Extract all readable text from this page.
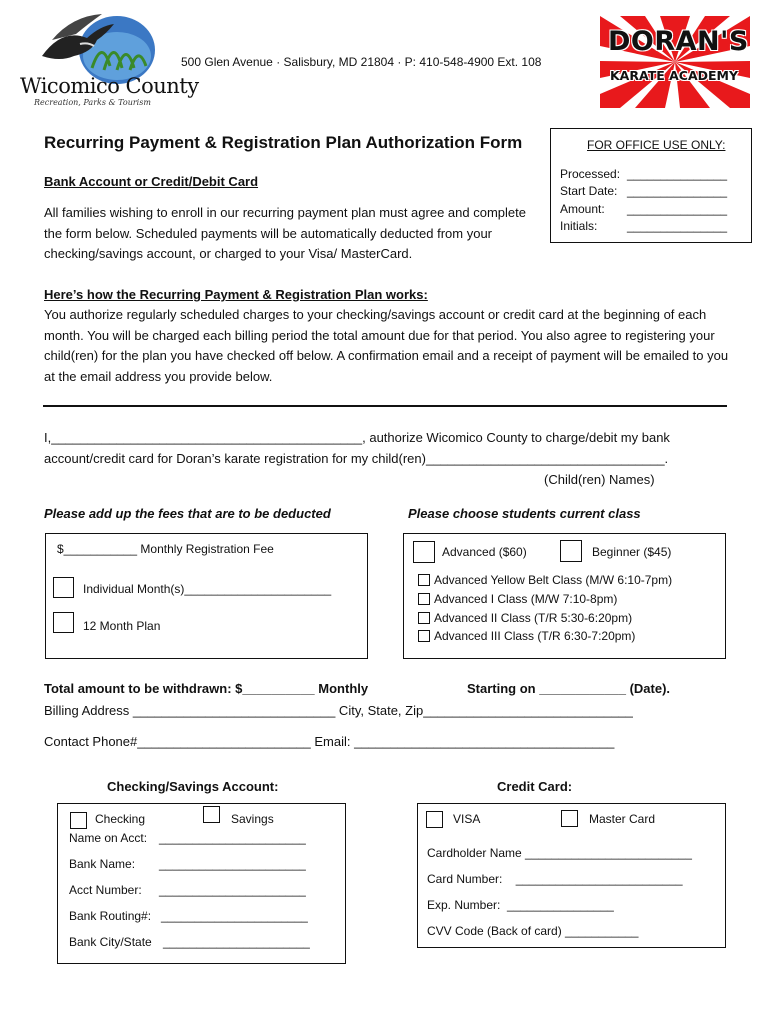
Wicomico County
Recreation, Parks & Tourism
500 Glen Avenue · Salisbury, MD 21804 · P: 410-548-4900 Ext. 108
DORAN'S
KARATE ACADEMY
Recurring Payment & Registration Plan Authorization Form
Bank Account or Credit/Debit Card
All families wishing to enroll in our recurring payment plan must agree and complete the form below. Scheduled payments will be automatically deducted from your checking/savings account, or charged to your Visa/ MasterCard.
FOR OFFICE USE ONLY:
Processed: _______________
Start Date: _______________
Amount: _______________
Initials: _______________
Here’s how the Recurring Payment & Registration Plan works:
You authorize regularly scheduled charges to your checking/savings account or credit card at the beginning of each month. You will be charged each billing period the total amount due for that period. You also agree to registering your child(ren) for the plan you have checked off below. A confirmation email and a receipt of payment will be emailed to you at the email address you provide below.
I,___________________________________________, authorize Wicomico County to charge/debit my bank
account/credit card for Doran’s karate registration for my child(ren)_________________________________.
(Child(ren) Names)
Please add up the fees that are to be deducted
$___________ Monthly Registration Fee
Individual Month(s)______________________
12 Month Plan
Please choose students current class
Advanced ($60)	Beginner ($45)
Advanced Yellow Belt Class (M/W 6:10-7pm)
Advanced I Class (M/W 7:10-8pm)
Advanced II Class (T/R 5:30-6:20pm)
Advanced III Class (T/R 6:30-7:20pm)
Total amount to be withdrawn: $__________ Monthly	Starting on ____________ (Date).
Billing Address ____________________________ City, State, Zip_____________________________
Contact Phone#________________________ Email: ____________________________________
Checking/Savings Account:
Checking	Savings
Name on Acct: ______________________
Bank Name: ______________________
Acct Number: ______________________
Bank Routing#: ______________________
Bank City/State ______________________
Credit Card:
VISA	Master Card
Cardholder Name _________________________
Card Number:    _________________________
Exp. Number:  ________________
CVV Code (Back of card) ___________
